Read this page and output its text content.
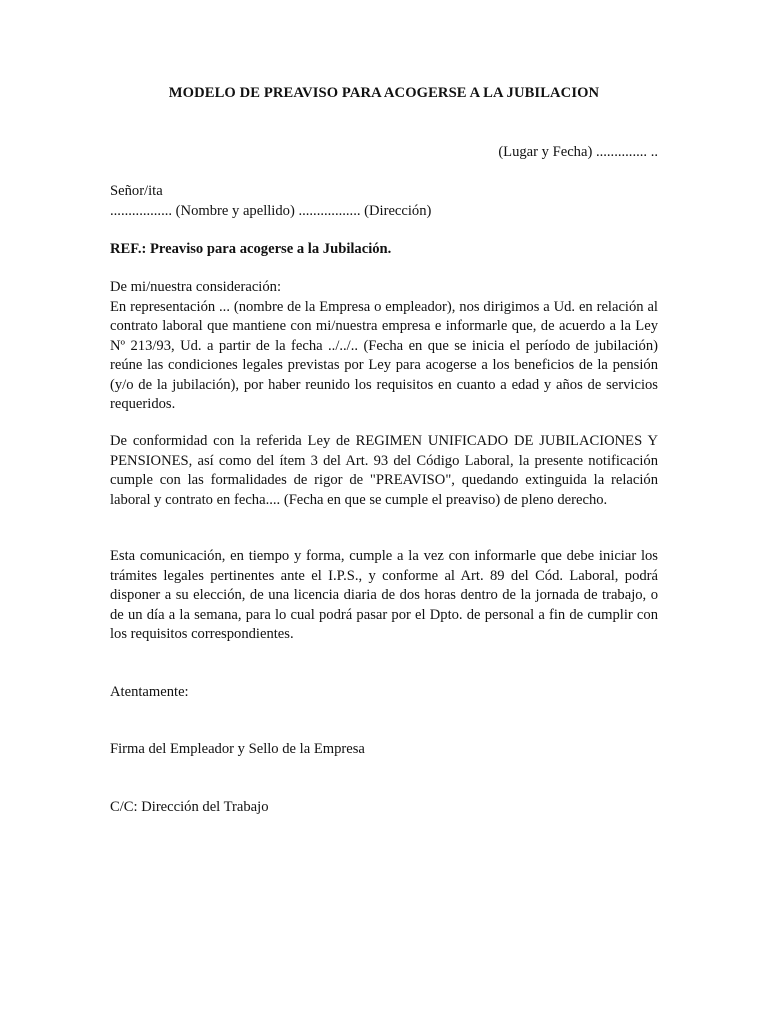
MODELO DE PREAVISO PARA ACOGERSE A LA JUBILACION
(Lugar y Fecha) .............. ..
Señor/ita
................. (Nombre y apellido) ................. (Dirección)
REF.: Preaviso para acogerse a la Jubilación.
De mi/nuestra consideración:
En representación ... (nombre de la Empresa o empleador), nos dirigimos a Ud. en relación al contrato laboral que mantiene con mi/nuestra empresa e informarle que, de acuerdo a la Ley Nº 213/93, Ud. a partir de la fecha ../../.. (Fecha en que se inicia el período de jubilación) reúne las condiciones legales previstas por Ley para acogerse a los beneficios de la pensión (y/o de la jubilación), por haber reunido los requisitos en cuanto a edad y años de servicios requeridos.
De conformidad con la referida Ley de REGIMEN UNIFICADO DE JUBILACIONES Y PENSIONES, así como del ítem 3 del Art. 93 del Código Laboral, la presente notificación cumple con las formalidades de rigor de "PREAVISO", quedando extinguida la relación laboral y contrato en fecha.... (Fecha en que se cumple el preaviso) de pleno derecho.
Esta comunicación, en tiempo y forma, cumple a la vez con informarle que debe iniciar los trámites legales pertinentes ante el I.P.S., y conforme al Art. 89 del Cód. Laboral, podrá disponer a su elección, de una licencia diaria de dos horas dentro de la jornada de trabajo, o de un día a la semana, para lo cual podrá pasar por el Dpto. de personal a fin de cumplir con los requisitos correspondientes.
Atentamente:
Firma del Empleador y Sello de la Empresa
C/C: Dirección del Trabajo
